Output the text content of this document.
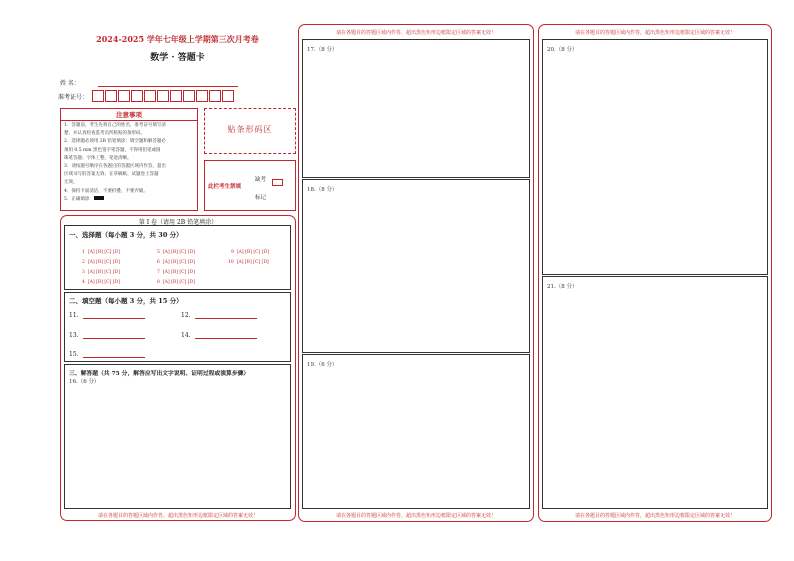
2024-2025 学年七年级上学期第三次月考卷
数学 · 答题卡
姓 名：
准考证号：
注意事项

1．答题前，考生先将自己的姓名，准考证号填写清

楚，并认真检查监考员所粘贴的条形码。

2．选择题必须用 2B 铅笔填涂；填空题和解答题必

须用 0.5 mm 黑色签字笔答题，不得用铅笔或圆

珠笔答题；字体工整、笔迹清晰。

3．请按题号顺序在各题目的答题区域内作答，超出

区域书写的答案无效；在草稿纸、试题卷上答题

无效。

4．保持卡面清洁，不要折叠、不要弄破。

5．正确填涂

贴条形码区
此栏考生禁填
缺考
标记
第 Ⅰ 卷（请用 2B 铅笔填涂）
一、选择题（每小题 3 分，共 30 分）
1 [A] [B] [C] [D]
2 [A] [B] [C] [D]
3 [A] [B] [C] [D]
4 [A] [B] [C] [D]
5 [A] [B] [C] [D]
6 [A] [B] [C] [D]
7 [A] [B] [C] [D]
8 [A] [B] [C] [D]
9 [A] [B] [C] [D]
10 [A] [B] [C] [D]
二、填空题（每小题 3 分，共 15 分）
11.	12.
13.	14.
15.
三、解答题（共 75 分，解答应写出文字说明、证明过程或演算步骤）
16.（6 分）
请在各题目的答题区域内作答，超出黑色矩形边框限定区域的答案无效！
请在各题目的答题区域内作答，超出黑色矩形边框限定区域的答案无效！
17.（8 分）
18.（8 分）
19.（6 分）
请在各题目的答题区域内作答，超出黑色矩形边框限定区域的答案无效！
请在各题目的答题区域内作答，超出黑色矩形边框限定区域的答案无效！
20.（8 分）
21.（8 分）
请在各题目的答题区域内作答，超出黑色矩形边框限定区域的答案无效！
